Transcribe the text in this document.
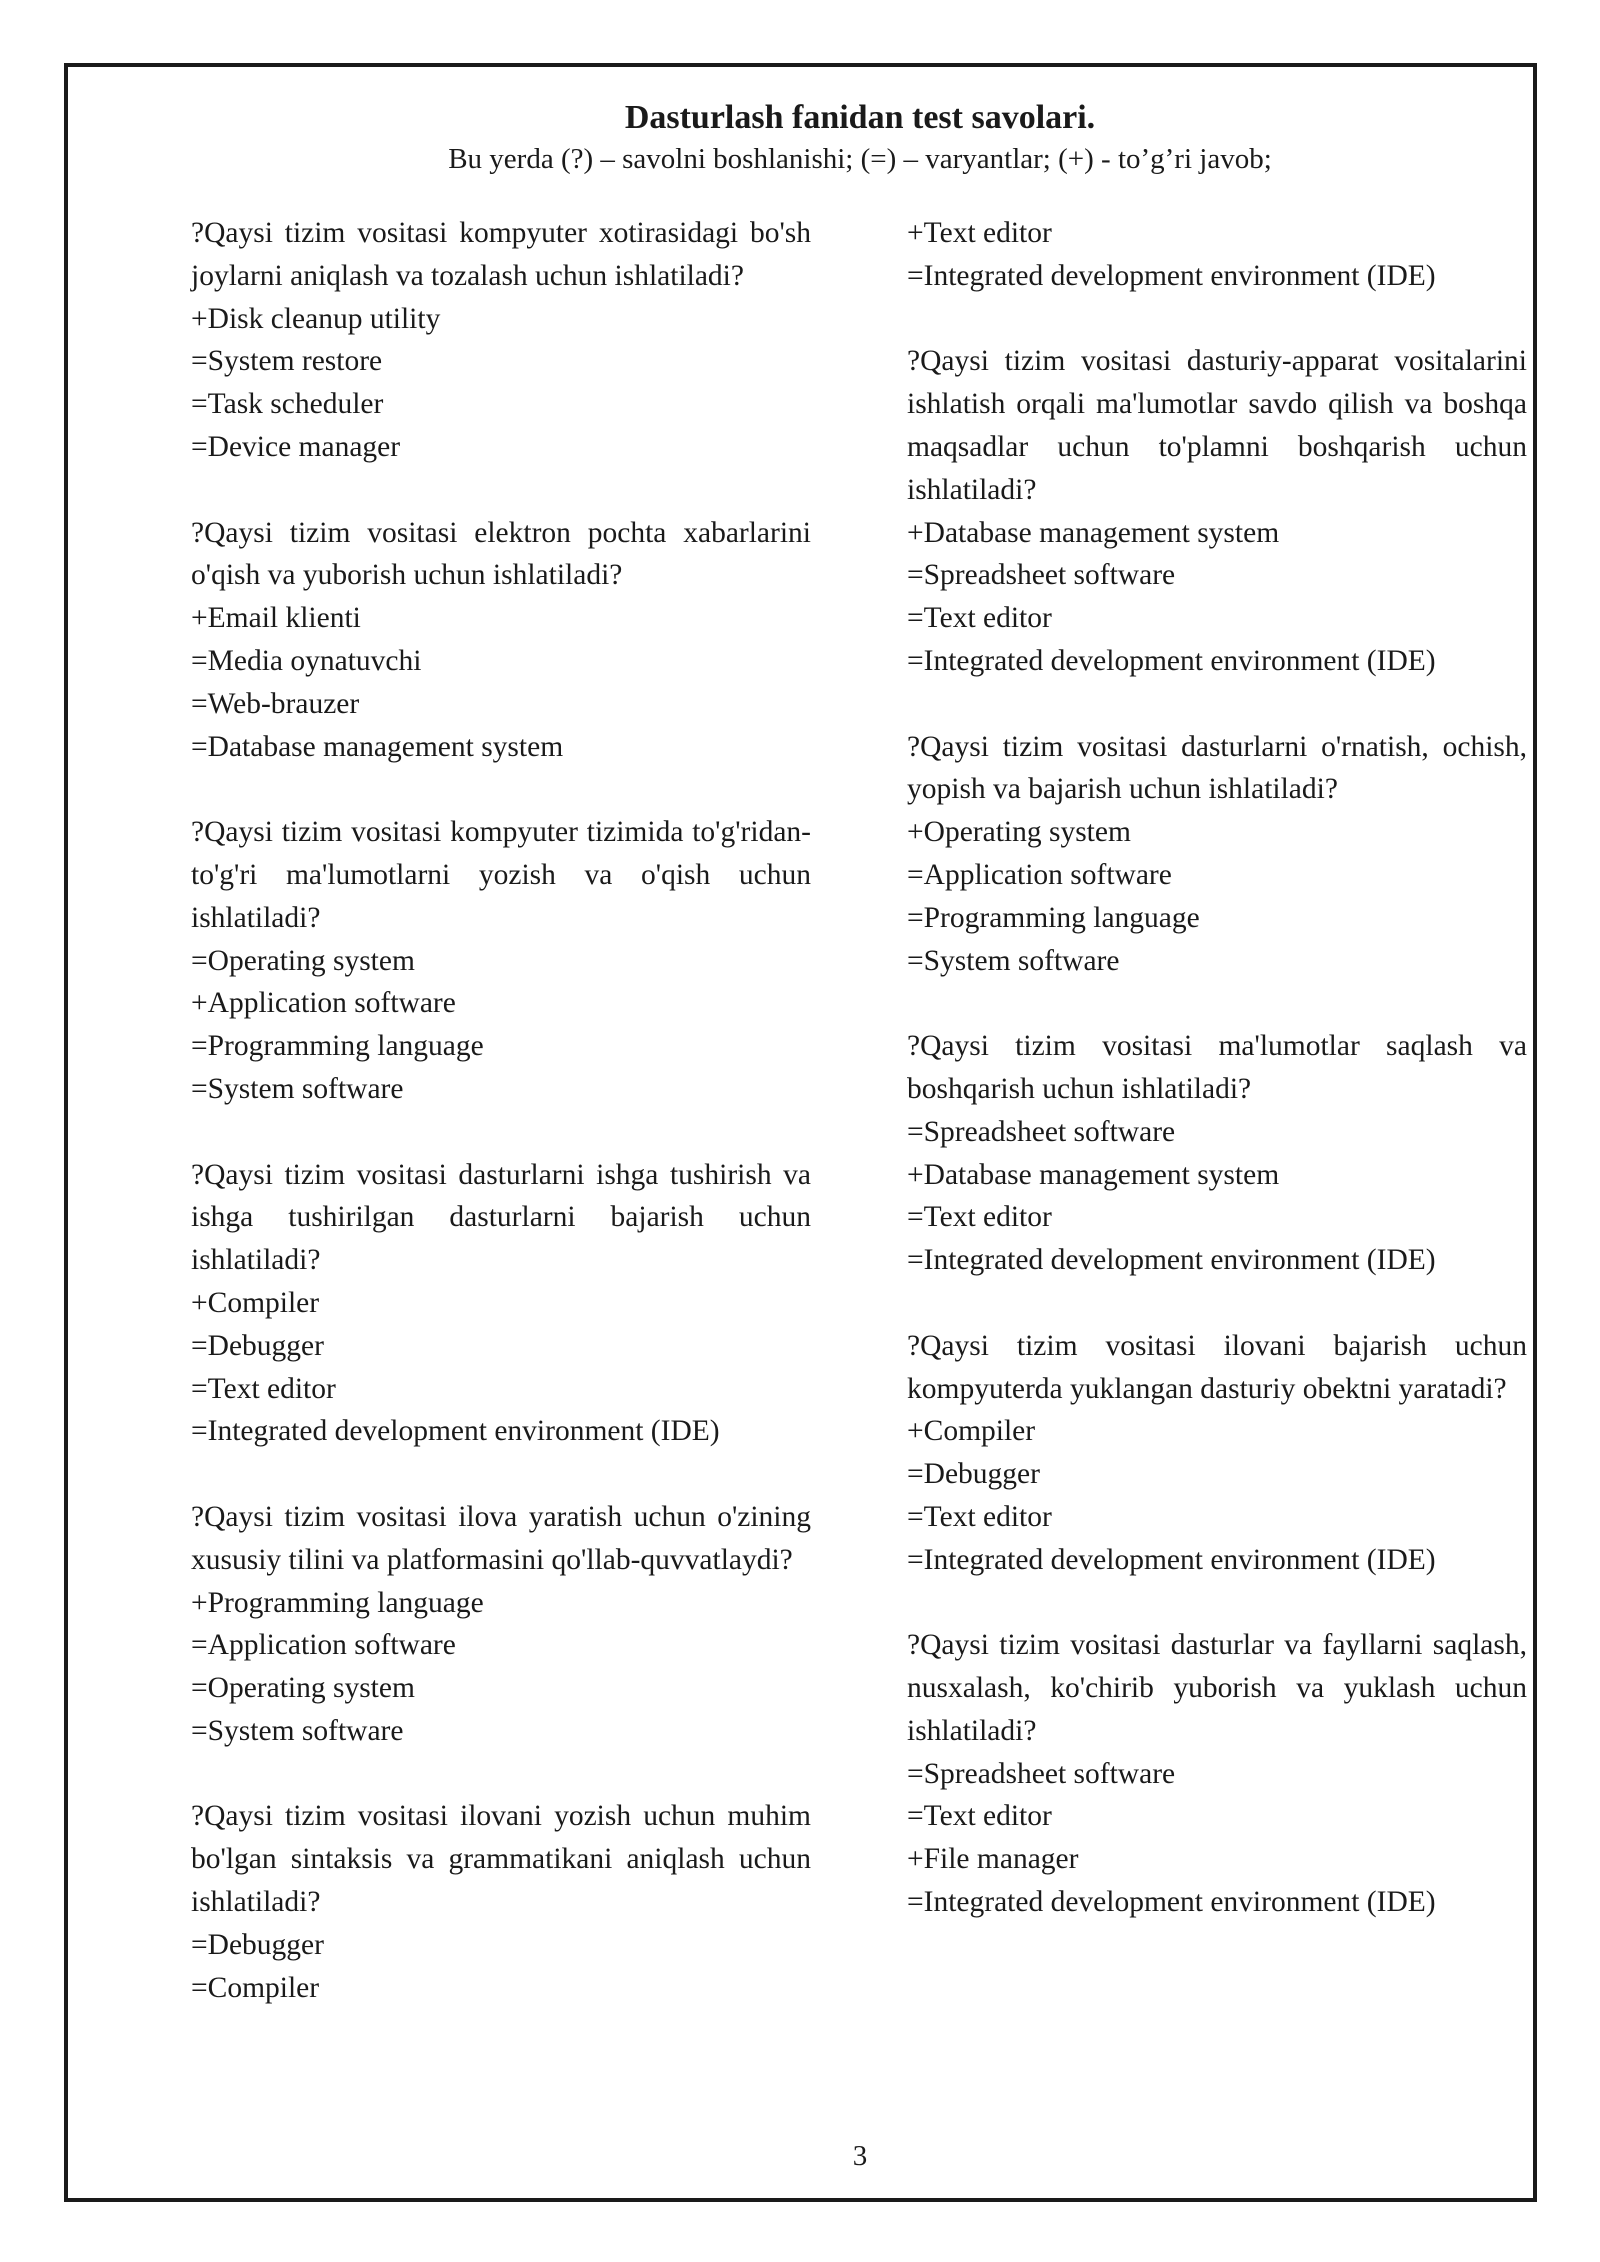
Dasturlash fanidan test savolari.

Bu yerda (?) – savolni boshlanishi; (=) – varyantlar; (+) - to’g’ri javob;

?Qaysi tizim vositasi kompyuter xotirasidagi bo'sh joylarni aniqlash va tozalash uchun ishlatiladi?

+Disk cleanup utility

=System restore

=Task scheduler

=Device manager

?Qaysi tizim vositasi elektron pochta xabarlarini o'qish va yuborish uchun ishlatiladi?

+Email klienti

=Media oynatuvchi

=Web-brauzer

=Database management system

?Qaysi tizim vositasi kompyuter tizimida to'g'ridan-to'g'ri ma'lumotlarni yozish va o'qish uchun ishlatiladi?

=Operating system

+Application software

=Programming language

=System software

?Qaysi tizim vositasi dasturlarni ishga tushirish va ishga tushirilgan dasturlarni bajarish uchun ishlatiladi?

+Compiler

=Debugger

=Text editor

=Integrated development environment (IDE)

?Qaysi tizim vositasi ilova yaratish uchun o'zining xususiy tilini va platformasini qo'llab-quvvatlaydi?

+Programming language

=Application software

=Operating system

=System software

?Qaysi tizim vositasi ilovani yozish uchun muhim bo'lgan sintaksis va grammatikani aniqlash uchun ishlatiladi?

=Debugger

=Compiler

+Text editor

=Integrated development environment (IDE)

?Qaysi tizim vositasi dasturiy-apparat vositalarini ishlatish orqali ma'lumotlar savdo qilish va boshqa maqsadlar uchun to'plamni boshqarish uchun ishlatiladi?

+Database management system

=Spreadsheet software

=Text editor

=Integrated development environment (IDE)

?Qaysi tizim vositasi dasturlarni o'rnatish, ochish, yopish va bajarish uchun ishlatiladi?

+Operating system

=Application software

=Programming language

=System software

?Qaysi tizim vositasi ma'lumotlar saqlash va boshqarish uchun ishlatiladi?

=Spreadsheet software

+Database management system

=Text editor

=Integrated development environment (IDE)

?Qaysi tizim vositasi ilovani bajarish uchun kompyuterda yuklangan dasturiy obektni yaratadi?

+Compiler

=Debugger

=Text editor

=Integrated development environment (IDE)

?Qaysi tizim vositasi dasturlar va fayllarni saqlash, nusxalash, ko'chirib yuborish va yuklash uchun ishlatiladi?

=Spreadsheet software

=Text editor

+File manager

=Integrated development environment (IDE)

3
